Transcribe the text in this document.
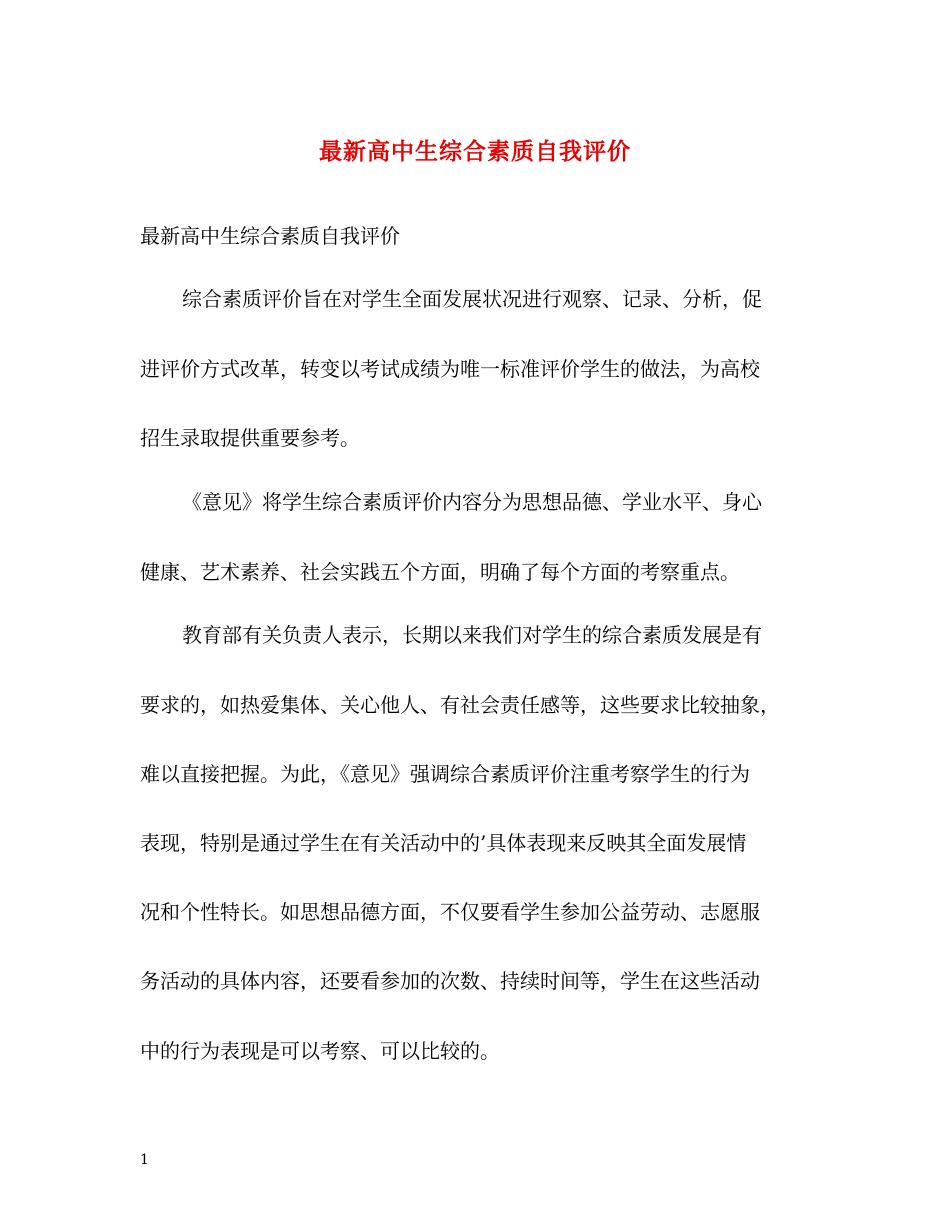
最新高中生综合素质自我评价
最新高中生综合素质自我评价
综合素质评价旨在对学生全面发展状况进行观察、记录、分析，促
进评价方式改革，转变以考试成绩为唯一标准评价学生的做法，为高校
招生录取提供重要参考。
《意见》将学生综合素质评价内容分为思想品德、学业水平、身心
健康、艺术素养、社会实践五个方面，明确了每个方面的考察重点。
教育部有关负责人表示，长期以来我们对学生的综合素质发展是有
要求的，如热爱集体、关心他人、有社会责任感等，这些要求比较抽象，
难以直接把握。为此，《意见》强调综合素质评价注重考察学生的行为
表现，特别是通过学生在有关活动中的’具体表现来反映其全面发展情
况和个性特长。如思想品德方面，不仅要看学生参加公益劳动、志愿服
务活动的具体内容，还要看参加的次数、持续时间等，学生在这些活动
中的行为表现是可以考察、可以比较的。
1
